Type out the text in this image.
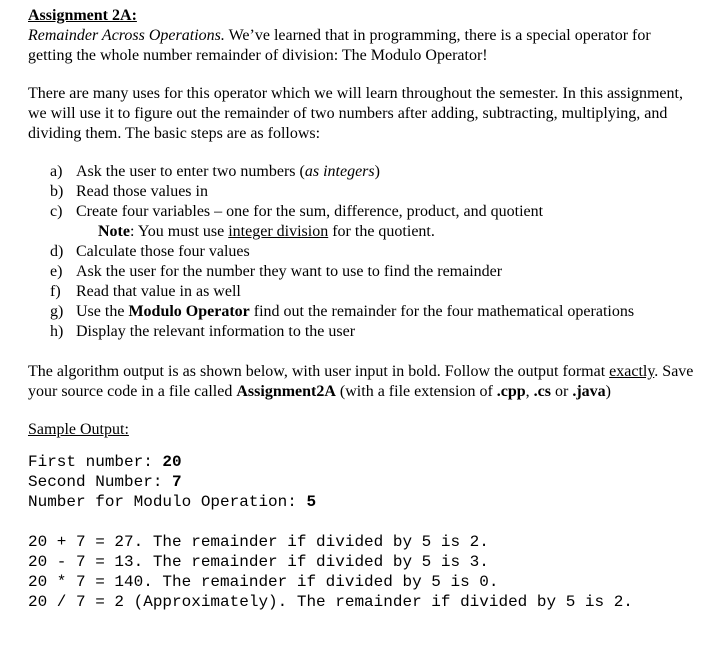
Assignment 2A:

Remainder Across Operations. We’ve learned that in programming, there is a special operator for getting the whole number remainder of division: The Modulo Operator!

There are many uses for this operator which we will learn throughout the semester. In this assignment, we will use it to figure out the remainder of two numbers after adding, subtracting, multiplying, and dividing them. The basic steps are as follows:

a) Ask the user to enter two numbers (as integers)
b) Read those values in
c) Create four variables – one for the sum, difference, product, and quotient
Note: You must use integer division for the quotient.
d) Calculate those four values
e) Ask the user for the number they want to use to find the remainder
f) Read that value in as well
g) Use the Modulo Operator find out the remainder for the four mathematical operations
h) Display the relevant information to the user

The algorithm output is as shown below, with user input in bold. Follow the output format exactly. Save your source code in a file called Assignment2A (with a file extension of .cpp, .cs or .java)

Sample Output:

First number: 20
Second Number: 7
Number for Modulo Operation: 5
20 + 7 = 27. The remainder if divided by 5 is 2.
20 - 7 = 13. The remainder if divided by 5 is 3.
20 * 7 = 140. The remainder if divided by 5 is 0.
20 / 7 = 2 (Approximately). The remainder if divided by 5 is 2.
